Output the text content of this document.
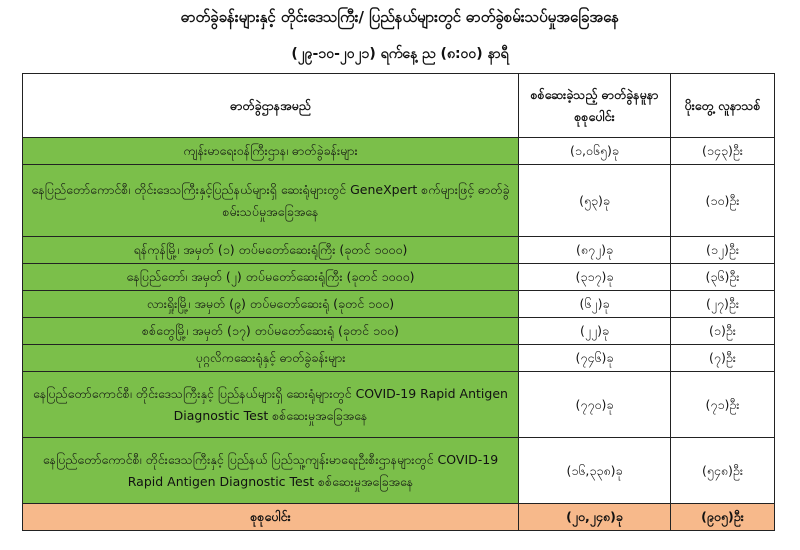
ဓာတ်ခွဲခန်းများနှင့် တိုင်းဒေသကြီး/ ပြည်နယ်များတွင် ဓာတ်ခွဲစမ်းသပ်မှုအခြေအနေ
(၂၉-၁၀-၂၀၂၁) ရက်နေ့ ည (၈:၀၀) နာရီ
ဓာတ်ခွဲဌာနအမည်	စစ်ဆေးခဲ့သည့် ဓာတ်ခွဲနမူနာ စုစုပေါင်း	ပိုးတွေ့ လူနာသစ်
ကျန်းမာရေးဝန်ကြီးဌာန၊ ဓာတ်ခွဲခန်းများ	(၁,၀၆၅)ခု	(၁၄၃)ဦး
နေပြည်တော်ကောင်စီ၊ တိုင်းဒေသကြီးနှင့်ပြည်နယ်များရှိ ဆေးရုံများတွင် GeneXpert စက်များဖြင့် ဓာတ်ခွဲစမ်းသပ်မှုအခြေအနေ	(၅၃)ခု	(၁၀)ဦး
ရန်ကုန်မြို့၊ အမှတ် (၁) တပ်မတော်ဆေးရုံကြီး (ခုတင် ၁၀၀၀)	(၈၇၂)ခု	(၁၂)ဦး
နေပြည်တော်၊ အမှတ် (၂) တပ်မတော်ဆေးရုံကြီး (ခုတင် ၁၀၀၀)	(၃၁၇)ခု	(၃၆)ဦး
လားရှိုးမြို့၊ အမှတ် (၉) တပ်မတော်ဆေးရုံ (ခုတင် ၁၀၀)	(၆၂)ခု	(၂၇)ဦး
စစ်တွေမြို့၊ အမှတ် (၁၇) တပ်မတော်ဆေးရုံ (ခုတင် ၁၀၀)	(၂၂)ခု	(၁)ဦး
ပုဂ္ဂလိကဆေးရုံနှင့် ဓာတ်ခွဲခန်းများ	(၇၄၆)ခု	(၇)ဦး
နေပြည်တော်ကောင်စီ၊ တိုင်းဒေသကြီးနှင့် ပြည်နယ်များရှိ ဆေးရုံများတွင် COVID-19 Rapid Antigen Diagnostic Test စစ်ဆေးမှုအခြေအနေ	(၇၇၀)ခု	(၇၁)ဦး
နေပြည်တော်ကောင်စီ၊ တိုင်းဒေသကြီးနှင့် ပြည်နယ် ပြည်သူ့ကျန်းမာရေးဦးစီးဌာနများတွင် COVID-19 Rapid Antigen Diagnostic Test စစ်ဆေးမှုအခြေအနေ	(၁၆,၃၃၈)ခု	(၅၄၈)ဦး
စုစုပေါင်း	(၂၀,၂၄၈)ခု	(၉၀၅)ဦး
